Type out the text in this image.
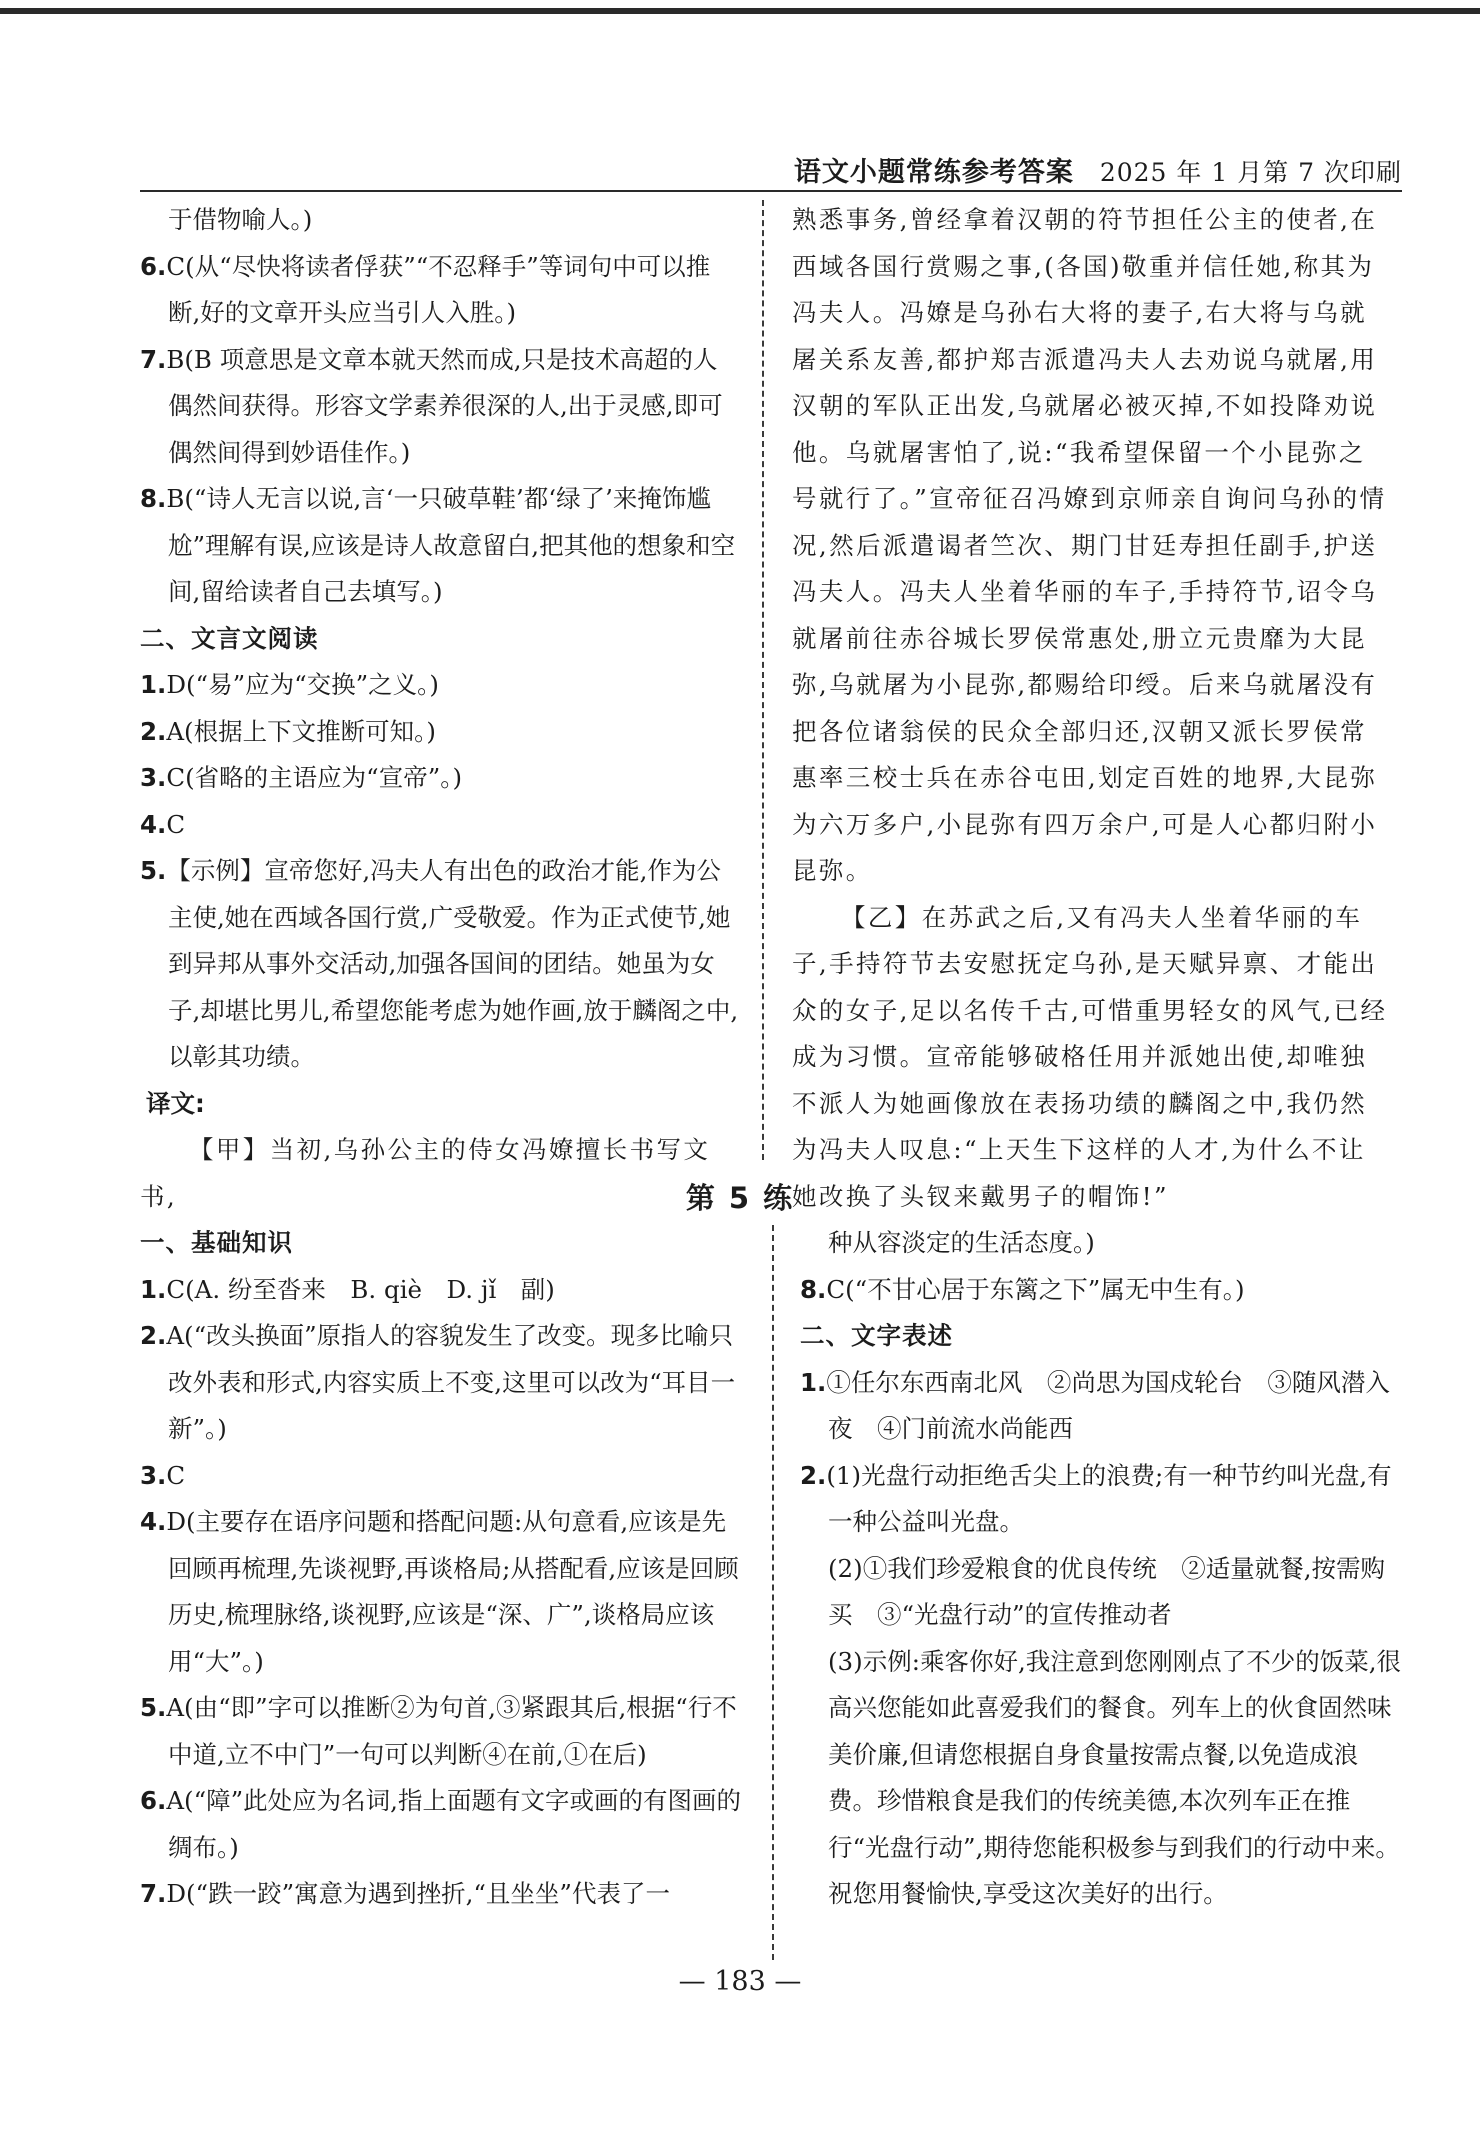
语文小题常练参考答案 2025 年 1 月第 7 次印刷

于借物喻人。)

6.C(从“尽快将读者俘获”“不忍释手”等词句中可以推断,好的文章开头应当引人入胜。)

7.B(B 项意思是文章本就天然而成,只是技术高超的人偶然间获得。形容文学素养很深的人,出于灵感,即可偶然间得到妙语佳作。)

8.B(“诗人无言以说,言‘一只破草鞋’都‘绿了’来掩饰尴尬”理解有误,应该是诗人故意留白,把其他的想象和空间,留给读者自己去填写。)

二、文言文阅读

1.D(“易”应为“交换”之义。)

2.A(根据上下文推断可知。)

3.C(省略的主语应为“宣帝”。)

4.C

5.【示例】宣帝您好,冯夫人有出色的政治才能,作为公主使,她在西域各国行赏,广受敬爱。作为正式使节,她到异邦从事外交活动,加强各国间的团结。她虽为女子,却堪比男儿,希望您能考虑为她作画,放于麟阁之中,以彰其功绩。

译文:

【甲】当初,乌孙公主的侍女冯嫽擅长书写文书,

熟悉事务,曾经拿着汉朝的符节担任公主的使者,在西域各国行赏赐之事,(各国)敬重并信任她,称其为冯夫人。冯嫽是乌孙右大将的妻子,右大将与乌就屠关系友善,都护郑吉派遣冯夫人去劝说乌就屠,用汉朝的军队正出发,乌就屠必被灭掉,不如投降劝说他。乌就屠害怕了,说:“我希望保留一个小昆弥之号就行了。”宣帝征召冯嫽到京师亲自询问乌孙的情况,然后派遣谒者竺次、期门甘廷寿担任副手,护送冯夫人。冯夫人坐着华丽的车子,手持符节,诏令乌就屠前往赤谷城长罗侯常惠处,册立元贵靡为大昆弥,乌就屠为小昆弥,都赐给印绶。后来乌就屠没有把各位诸翁侯的民众全部归还,汉朝又派长罗侯常惠率三校士兵在赤谷屯田,划定百姓的地界,大昆弥为六万多户,小昆弥有四万余户,可是人心都归附小昆弥。

【乙】在苏武之后,又有冯夫人坐着华丽的车子,手持符节去安慰抚定乌孙,是天赋异禀、才能出众的女子,足以名传千古,可惜重男轻女的风气,已经成为习惯。宣帝能够破格任用并派她出使,却唯独不派人为她画像放在表扬功绩的麟阁之中,我仍然为冯夫人叹息:“上天生下这样的人才,为什么不让她改换了头钗来戴男子的帽饰!”

第 5 练

一、基础知识

1.C(A. 纷至沓来　B. qiè　D. jǐ　副)

2.A(“改头换面”原指人的容貌发生了改变。现多比喻只改外表和形式,内容实质上不变,这里可以改为“耳目一新”。)

3.C

4.D(主要存在语序问题和搭配问题:从句意看,应该是先回顾再梳理,先谈视野,再谈格局;从搭配看,应该是回顾历史,梳理脉络,谈视野,应该是“深、广”,谈格局应该用“大”。)

5.A(由“即”字可以推断②为句首,③紧跟其后,根据“行不中道,立不中门”一句可以判断④在前,①在后)

6.A(“障”此处应为名词,指上面题有文字或画的有图画的绸布。)

7.D(“跌一跤”寓意为遇到挫折,“且坐坐”代表了一

种从容淡定的生活态度。)

8.C(“不甘心居于东篱之下”属无中生有。)

二、文字表述

1.①任尔东西南北风　②尚思为国戍轮台　③随风潜入夜　④门前流水尚能西

2.(1)光盘行动拒绝舌尖上的浪费;有一种节约叫光盘,有一种公益叫光盘。

(2)①我们珍爱粮食的优良传统　②适量就餐,按需购买　③“光盘行动”的宣传推动者

(3)示例:乘客你好,我注意到您刚刚点了不少的饭菜,很高兴您能如此喜爱我们的餐食。列车上的伙食固然味美价廉,但请您根据自身食量按需点餐,以免造成浪费。珍惜粮食是我们的传统美德,本次列车正在推行“光盘行动”,期待您能积极参与到我们的行动中来。祝您用餐愉快,享受这次美好的出行。

— 183 —
